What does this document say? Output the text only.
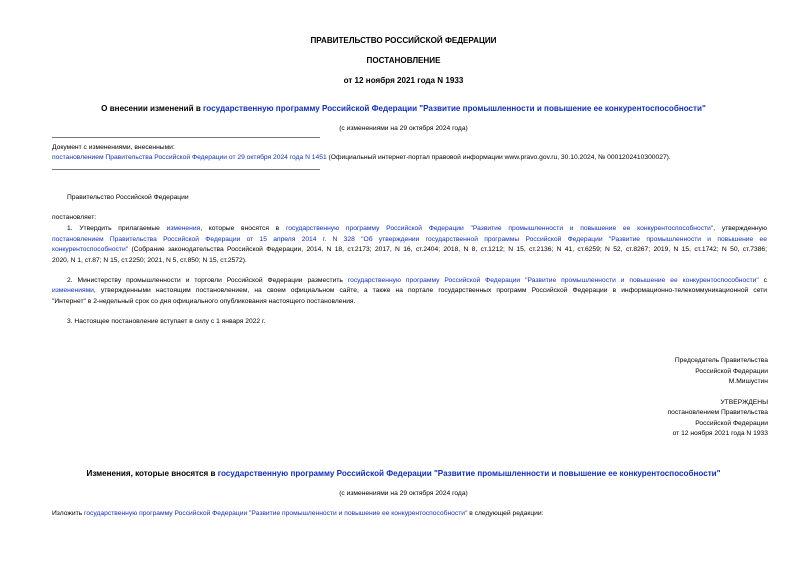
ПРАВИТЕЛЬСТВО РОССИЙСКОЙ ФЕДЕРАЦИИ
ПОСТАНОВЛЕНИЕ
от 12 ноября 2021 года N 1933
О внесении изменений в государственную программу Российской Федерации "Развитие промышленности и повышение ее конкурентоспособности"
(с изменениями на 29 октября 2024 года)
Документ с изменениями, внесенными:
постановлением Правительства Российской Федерации от 29 октября 2024 года N 1451 (Официальный интернет-портал правовой информации www.pravo.gov.ru, 30.10.2024, № 0001202410300027).
Правительство Российской Федерации
постановляет:
1. Утвердить прилагаемые изменения, которые вносятся в государственную программу Российской Федерации "Развитие промышленности и повышение ее конкурентоспособности", утвержденную
постановлением Правительства Российской Федерации от 15 апреля 2014 г. N 328 "Об утверждении государственной программы Российской Федерации "Развитие промышленности и повышение ее
конкурентоспособности" (Собрание законодательства Российской Федерации, 2014, N 18, ст.2173; 2017, N 16, ст.2404; 2018, N 8, ст.1212; N 15, ст.2136; N 41, ст.6259; N 52, ст.8267; 2019, N 15, ст.1742; N 50, ст.7386;
2020, N 1, ст.87; N 15, ст.2250; 2021, N 5, ст.850; N 15, ст.2572).
2. Министерству промышленности и торговли Российской Федерации разместить государственную программу Российской Федерации "Развитие промышленности и повышение ее конкурентоспособности" с
изменениями, утвержденными настоящим постановлением, на своем официальном сайте, а также на портале государственных программ Российской Федерации в информационно-телекоммуникационной сети
"Интернет" в 2-недельный срок со дня официального опубликования настоящего постановления.
3. Настоящее постановление вступает в силу с 1 января 2022 г.
Председатель Правительства
Российской Федерации
М.Мишустин
УТВЕРЖДЕНЫ
постановлением Правительства
Российской Федерации
от 12 ноября 2021 года N 1933
Изменения, которые вносятся в государственную программу Российской Федерации "Развитие промышленности и повышение ее конкурентоспособности"
(с изменениями на 29 октября 2024 года)
Изложить государственную программу Российской Федерации "Развитие промышленности и повышение ее конкурентоспособности" в следующей редакции:
